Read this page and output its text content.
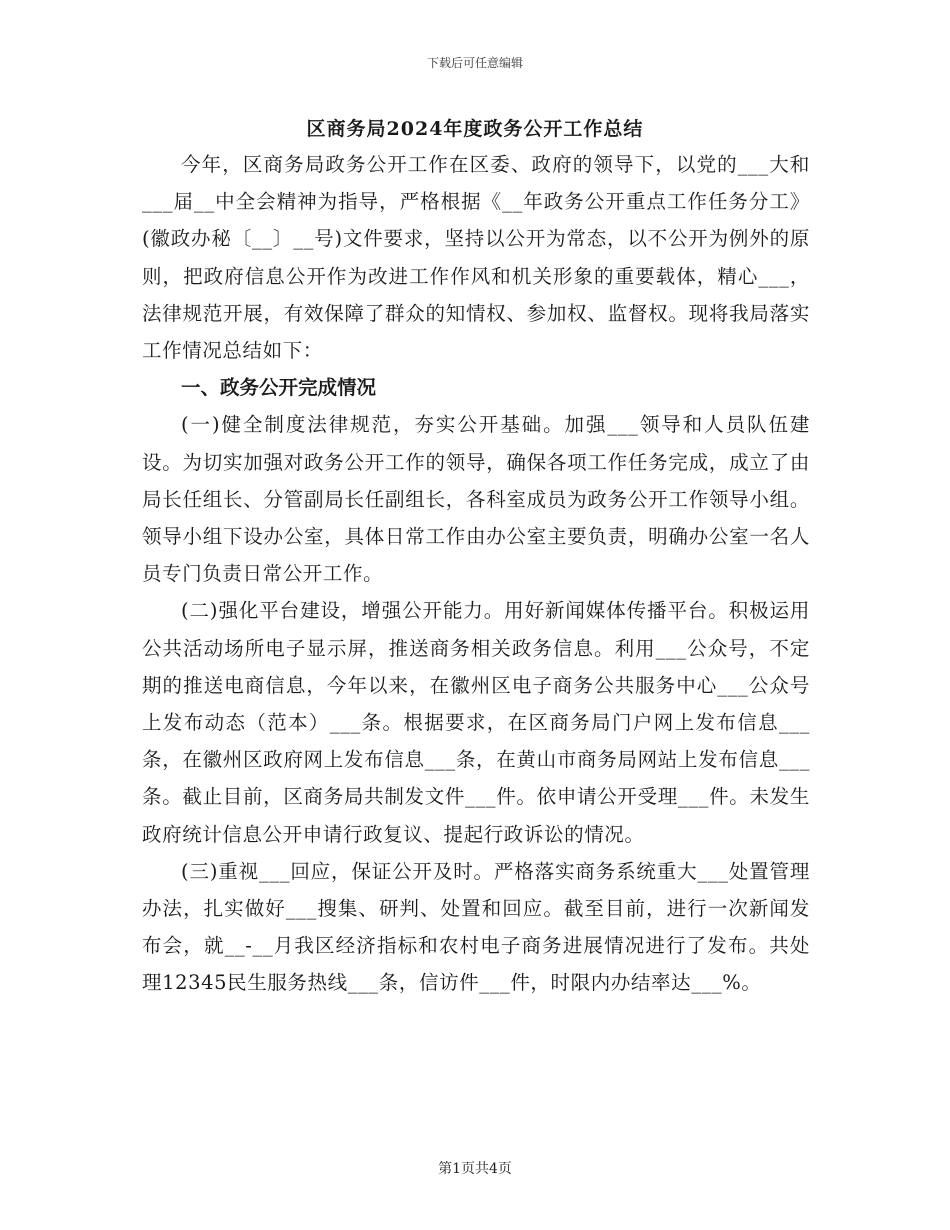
下载后可任意编辑
区商务局2024年度政务公开工作总结

今年，区商务局政务公开工作在区委、政府的领导下，以党的___大和___届__中全会精神为指导，严格根据《__年政务公开重点工作任务分工》(徽政办秘〔__〕__号)文件要求，坚持以公开为常态，以不公开为例外的原则，把政府信息公开作为改进工作作风和机关形象的重要载体，精心___，法律规范开展，有效保障了群众的知情权、参加权、监督权。现将我局落实工作情况总结如下：

一、政务公开完成情况

(一)健全制度法律规范，夯实公开基础。加强___领导和人员队伍建设。为切实加强对政务公开工作的领导，确保各项工作任务完成，成立了由局长任组长、分管副局长任副组长，各科室成员为政务公开工作领导小组。领导小组下设办公室，具体日常工作由办公室主要负责，明确办公室一名人员专门负责日常公开工作。

(二)强化平台建设，增强公开能力。用好新闻媒体传播平台。积极运用公共活动场所电子显示屏，推送商务相关政务信息。利用___公众号，不定期的推送电商信息，今年以来，在徽州区电子商务公共服务中心___公众号上发布动态（范本）___条。根据要求，在区商务局门户网上发布信息___条，在徽州区政府网上发布信息___条，在黄山市商务局网站上发布信息___条。截止目前，区商务局共制发文件___件。依申请公开受理___件。未发生政府统计信息公开申请行政复议、提起行政诉讼的情况。

(三)重视___回应，保证公开及时。严格落实商务系统重大___处置管理办法，扎实做好___搜集、研判、处置和回应。截至目前，进行一次新闻发布会，就__-__月我区经济指标和农村电子商务进展情况进行了发布。共处理12345民生服务热线___条，信访件___件，时限内办结率达___%。

第1页共4页
